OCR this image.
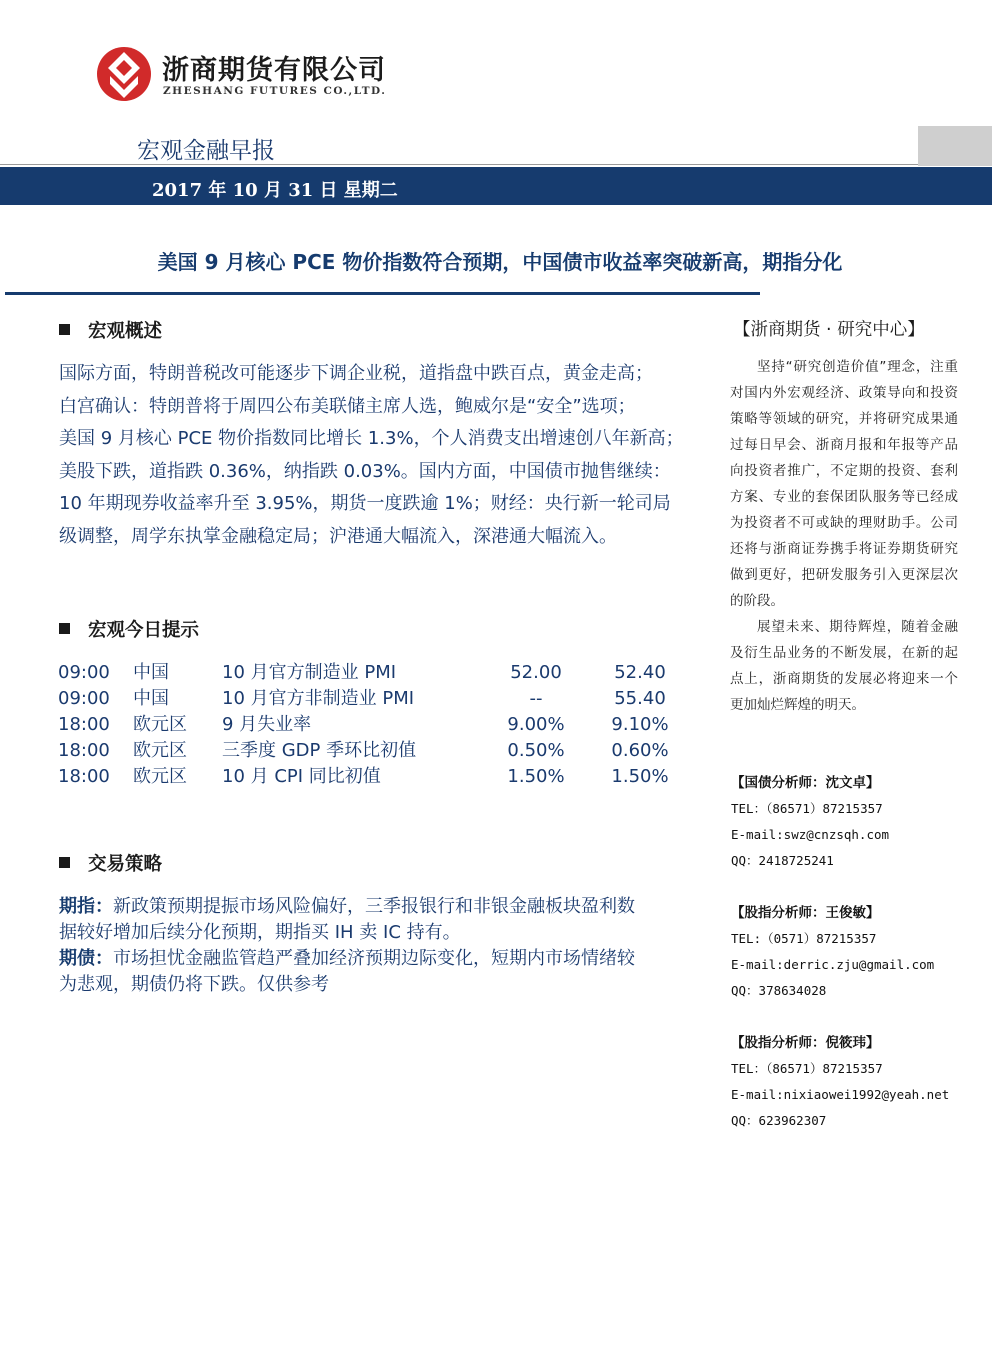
浙商期货有限公司
ZHESHANG FUTURES CO.,LTD.
宏观金融早报
2017 年 10 月 31 日 星期二
美国 9 月核心 PCE 物价指数符合预期，中国债市收益率突破新高，期指分化
宏观概述

国际方面，特朗普税改可能逐步下调企业税，道指盘中跌百点，黄金走高；

白宫确认：特朗普将于周四公布美联储主席人选，鲍威尔是“安全”选项；

美国 9 月核心 PCE 物价指数同比增长 1.3%，个人消费支出增速创八年新高；

美股下跌，道指跌 0.36%，纳指跌 0.03%。国内方面，中国债市抛售继续：

10 年期现券收益率升至 3.95%，期货一度跌逾 1%；财经：央行新一轮司局

级调整，周学东执掌金融稳定局；沪港通大幅流入，深港通大幅流入。

宏观今日提示
09:00	中国	10 月官方制造业 PMI	52.00	52.40
09:00	中国	10 月官方非制造业 PMI	--	55.40
18:00	欧元区	9 月失业率	9.00%	9.10%
18:00	欧元区	三季度 GDP 季环比初值	0.50%	0.60%
18:00	欧元区	10 月 CPI 同比初值	1.50%	1.50%
交易策略

期指：新政策预期提振市场风险偏好，三季报银行和非银金融板块盈利数

据较好增加后续分化预期，期指买 IH 卖 IC 持有。

期债：市场担忧金融监管趋严叠加经济预期边际变化，短期内市场情绪较

为悲观，期债仍将下跌。仅供参考

【浙商期货 · 研究中心】

坚持“研究创造价值”理念，注重对国内外宏观经济、政策导向和投资策略等领域的研究，并将研究成果通过每日早会、浙商月报和年报等产品向投资者推广，不定期的投资、套利方案、专业的套保团队服务等已经成为投资者不可或缺的理财助手。公司还将与浙商证券携手将证券期货研究做到更好，把研发服务引入更深层次的阶段。

展望未来、期待辉煌，随着金融及衍生品业务的不断发展，在新的起点上，浙商期货的发展必将迎来一个更加灿烂辉煌的明天。

【国债分析师：沈文卓】
TEL：（86571）87215357
E-mail:swz@cnzsqh.com
QQ：2418725241
【股指分析师：王俊敏】
TEL:（0571）87215357
E-mail:derric.zju@gmail.com
QQ：378634028
【股指分析师：倪筱玮】
TEL：（86571）87215357
E-mail:nixiaowei1992@yeah.net
QQ：623962307
